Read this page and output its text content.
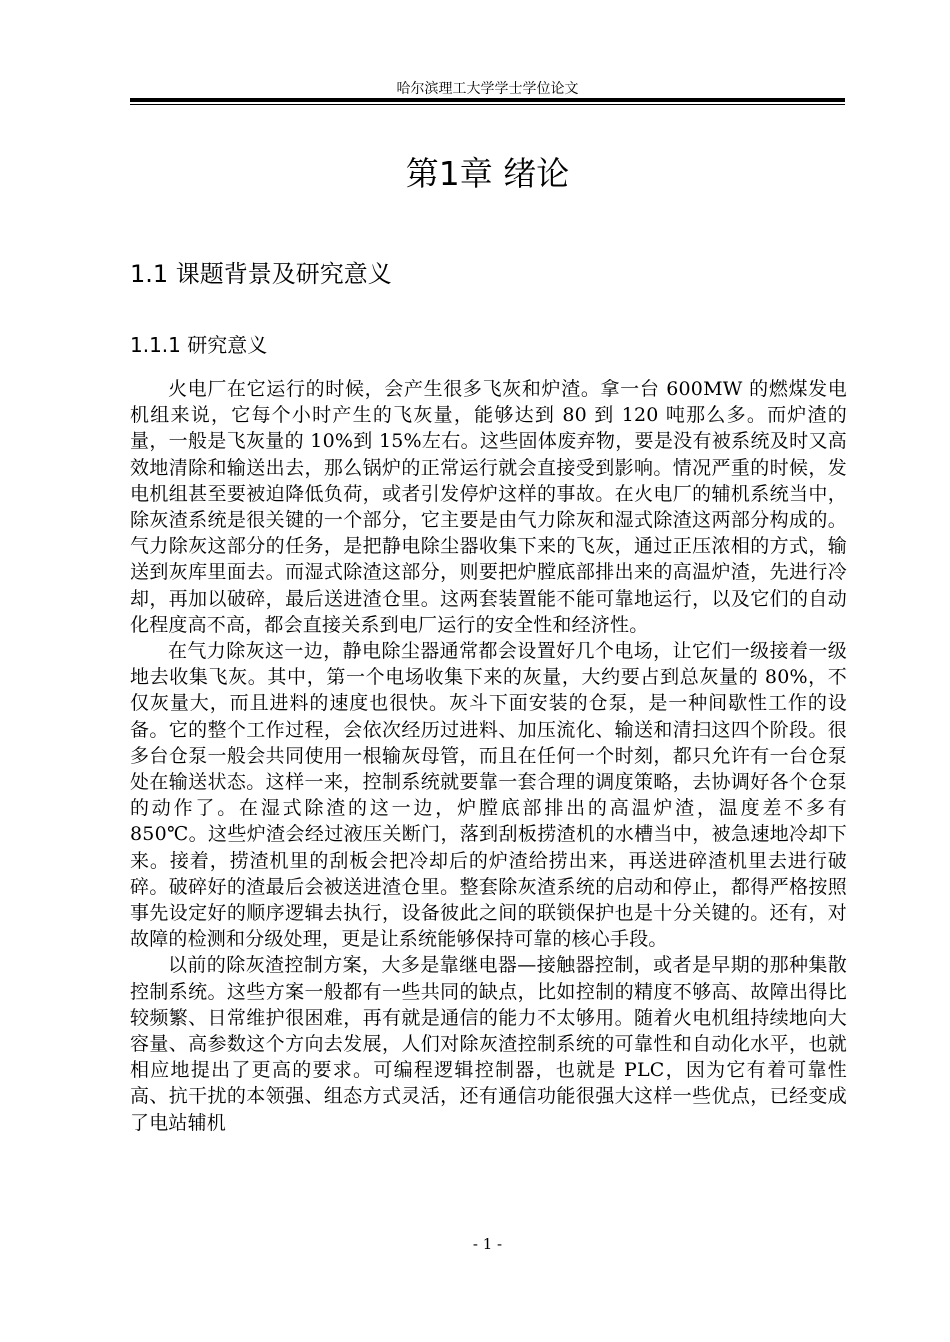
哈尔滨理工大学学士学位论文
第1章 绪论
1.1 课题背景及研究意义
1.1.1 研究意义

火电厂在它运行的时候，会产生很多飞灰和炉渣。拿一台 600MW 的燃煤发电机组来说，它每个小时产生的飞灰量，能够达到 80 到 120 吨那么多。而炉渣的量，一般是飞灰量的 10%到 15%左右。这些固体废弃物，要是没有被系统及时又高效地清除和输送出去，那么锅炉的正常运行就会直接受到影响。情况严重的时候，发电机组甚至要被迫降低负荷，或者引发停炉这样的事故。在火电厂的辅机系统当中，除灰渣系统是很关键的一个部分，它主要是由气力除灰和湿式除渣这两部分构成的。气力除灰这部分的任务，是把静电除尘器收集下来的飞灰，通过正压浓相的方式，输送到灰库里面去。而湿式除渣这部分，则要把炉膛底部排出来的高温炉渣，先进行冷却，再加以破碎，最后送进渣仓里。这两套装置能不能可靠地运行，以及它们的自动化程度高不高，都会直接关系到电厂运行的安全性和经济性。

在气力除灰这一边，静电除尘器通常都会设置好几个电场，让它们一级接着一级地去收集飞灰。其中，第一个电场收集下来的灰量，大约要占到总灰量的 80%，不仅灰量大，而且进料的速度也很快。灰斗下面安装的仓泵，是一种间歇性工作的设备。它的整个工作过程，会依次经历过进料、加压流化、输送和清扫这四个阶段。很多台仓泵一般会共同使用一根输灰母管，而且在任何一个时刻，都只允许有一台仓泵处在输送状态。这样一来，控制系统就要靠一套合理的调度策略，去协调好各个仓泵的动作了。在湿式除渣的这一边，炉膛底部排出的高温炉渣，温度差不多有 850℃。这些炉渣会经过液压关断门，落到刮板捞渣机的水槽当中，被急速地冷却下来。接着，捞渣机里的刮板会把冷却后的炉渣给捞出来，再送进碎渣机里去进行破碎。破碎好的渣最后会被送进渣仓里。整套除灰渣系统的启动和停止，都得严格按照事先设定好的顺序逻辑去执行，设备彼此之间的联锁保护也是十分关键的。还有，对故障的检测和分级处理，更是让系统能够保持可靠的核心手段。

以前的除灰渣控制方案，大多是靠继电器—接触器控制，或者是早期的那种集散控制系统。这些方案一般都有一些共同的缺点，比如控制的精度不够高、故障出得比较频繁、日常维护很困难，再有就是通信的能力不太够用。随着火电机组持续地向大容量、高参数这个方向去发展，人们对除灰渣控制系统的可靠性和自动化水平，也就相应地提出了更高的要求。可编程逻辑控制器，也就是 PLC，因为它有着可靠性高、抗干扰的本领强、组态方式灵活，还有通信功能很强大这样一些优点，已经变成了电站辅机

- 1 -
